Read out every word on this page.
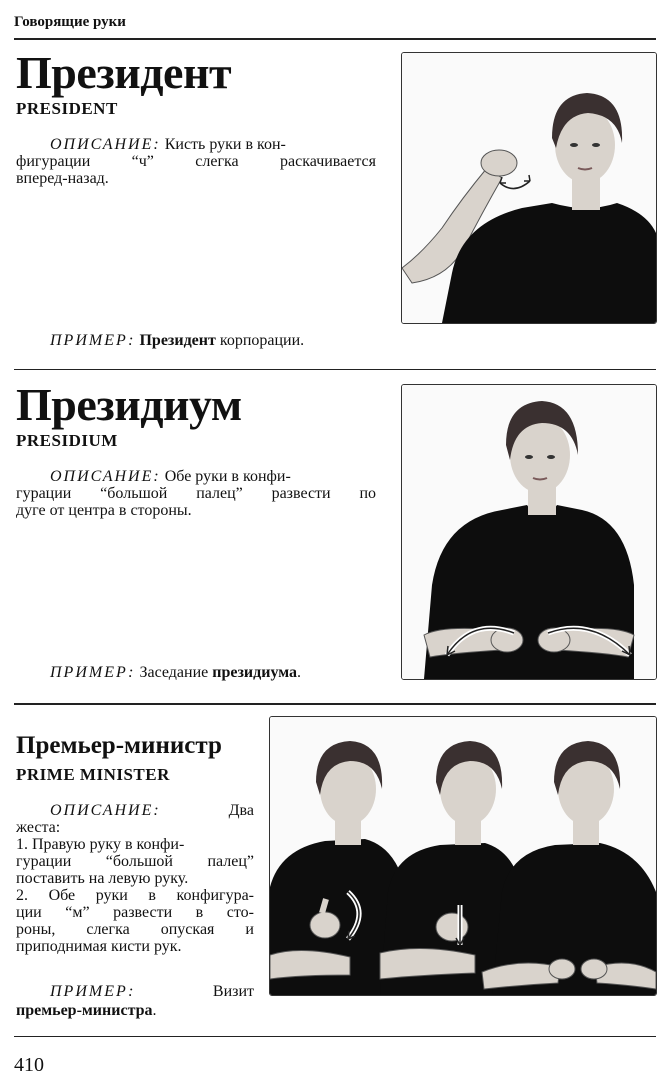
Говорящие руки
Президент
PRESIDENT
ОПИСАНИЕ: Кисть руки в кон-
фигурации “ч” слегка раскачивается
вперед-назад.
ПРИМЕР: Президент корпорации.
Президиум
PRESIDIUM
ОПИСАНИЕ: Обе руки в конфи-
гурации “большой палец” развести по
дуге от центра в стороны.
ПРИМЕР: Заседание президиума.
Премьер-министр
PRIME MINISTER
ОПИСАНИЕ:	Два
жеста:
1. Правую руку в конфи-
гурации “большой палец”
поставить на левую руку.
2. Обе руки в конфигура-
ции “м” развести в сто-
роны, слегка опуская и
приподнимая кисти рук.
ПРИМЕР:	Визит
премьер-министра.
410
